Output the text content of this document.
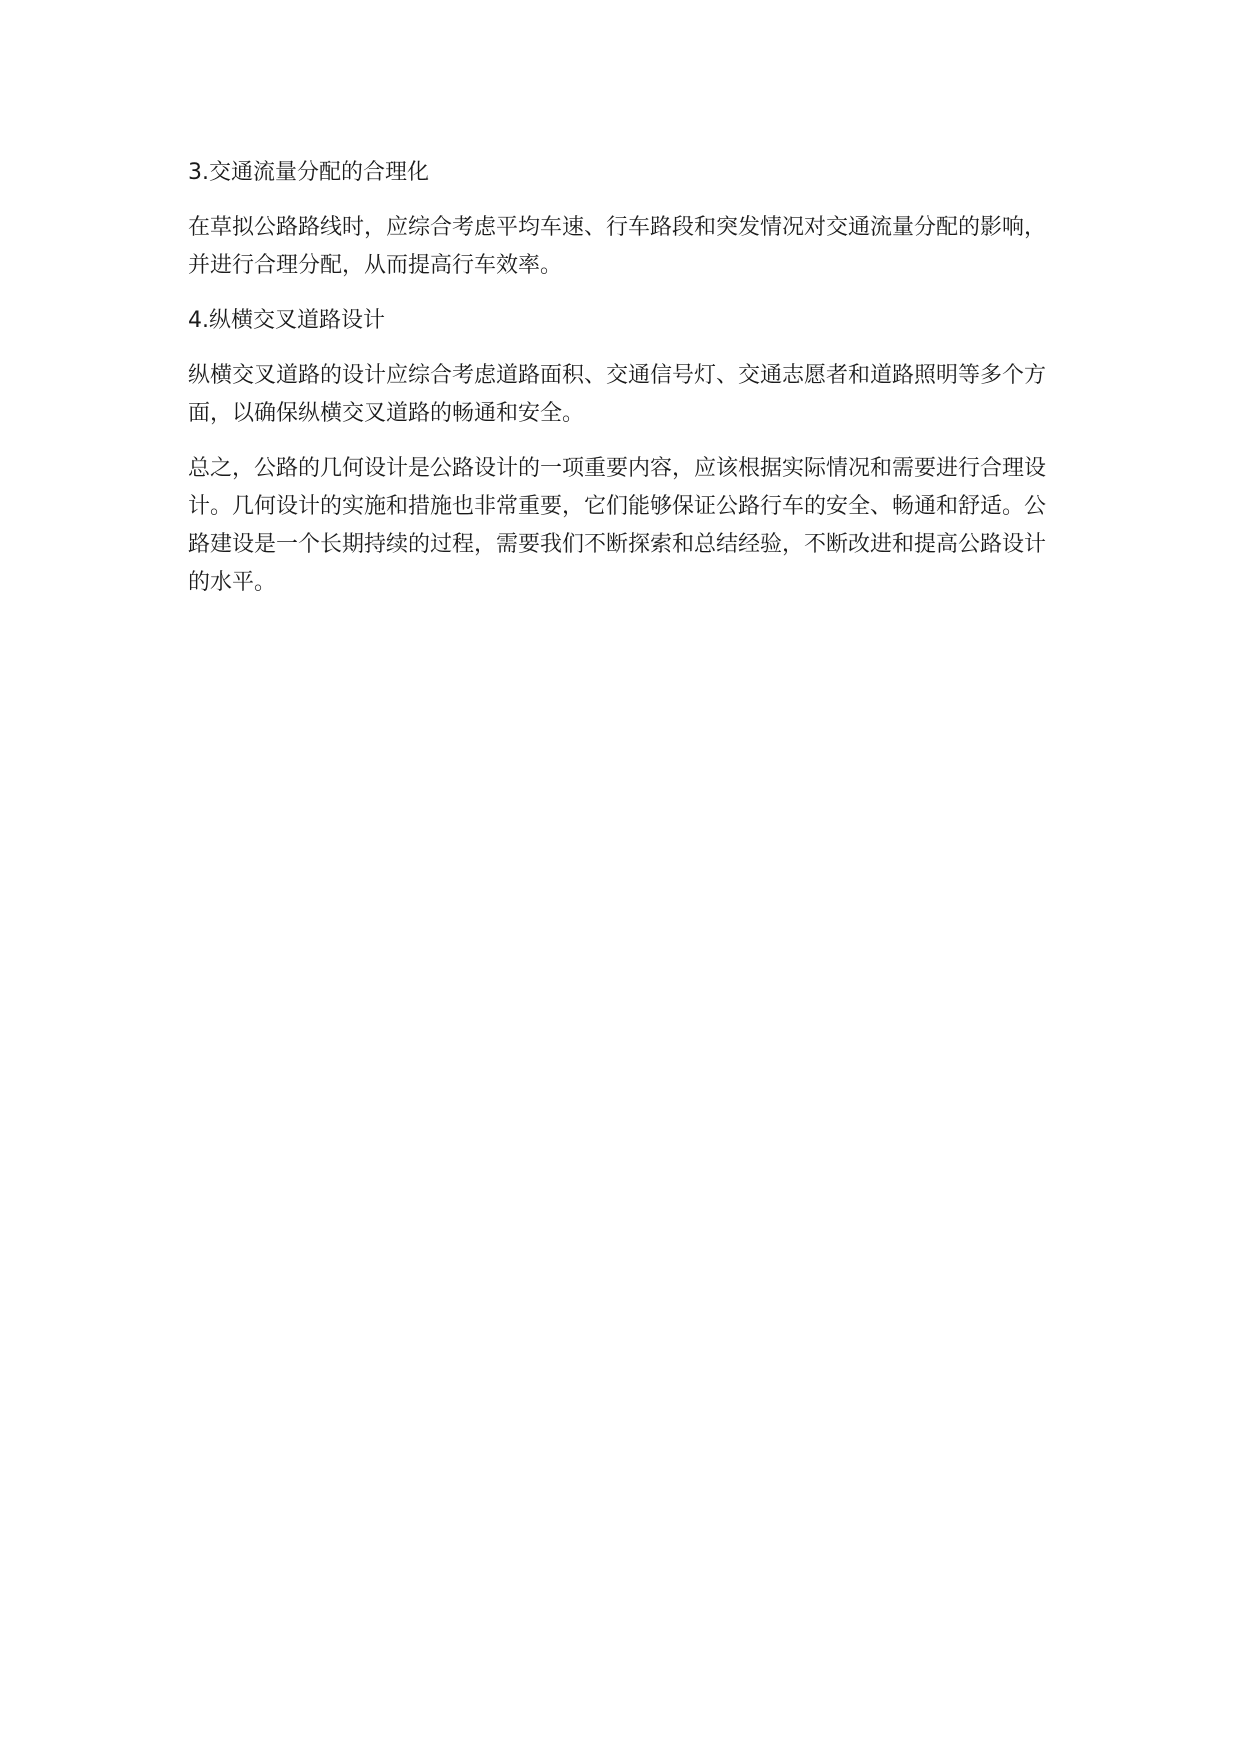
3.交通流量分配的合理化

在草拟公路路线时，应综合考虑平均车速、行车路段和突发情况对交通流量分配的影响，并进行合理分配，从而提高行车效率。

4.纵横交叉道路设计

纵横交叉道路的设计应综合考虑道路面积、交通信号灯、交通志愿者和道路照明等多个方面，以确保纵横交叉道路的畅通和安全。

总之，公路的几何设计是公路设计的一项重要内容，应该根据实际情况和需要进行合理设计。几何设计的实施和措施也非常重要，它们能够保证公路行车的安全、畅通和舒适。公路建设是一个长期持续的过程，需要我们不断探索和总结经验，不断改进和提高公路设计的水平。
